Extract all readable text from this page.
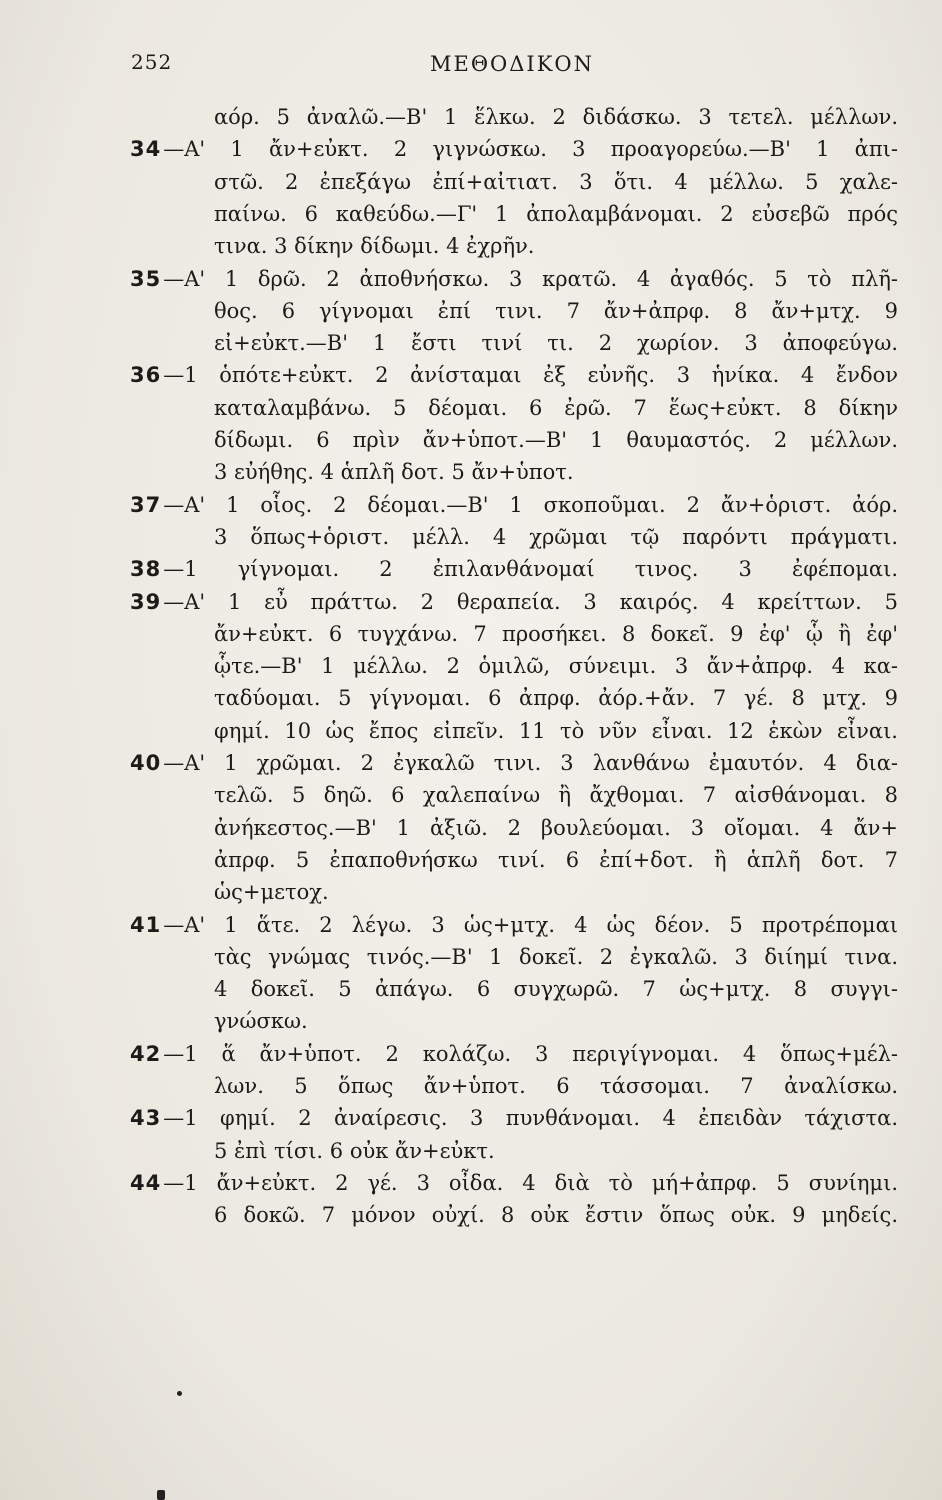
252	ΜΕΘΟΔΙΚΟΝ
αόρ. 5 ἀναλῶ.—Β' 1 ἕλκω. 2 διδάσκω. 3 τετελ. μέλλων.
34—Α' 1 ἄν+εὐκτ. 2 γιγνώσκω. 3 προαγορεύω.—Β' 1 ἀπι-
στῶ. 2 ἐπεξάγω ἐπί+αἰτιατ. 3 ὅτι. 4 μέλλω. 5 χαλε-
παίνω. 6 καθεύδω.—Γ' 1 ἀπολαμβάνομαι. 2 εὐσεβῶ πρός
τινα. 3 δίκην δίδωμι. 4 ἐχρῆν.
35—Α' 1 δρῶ. 2 ἀποθνήσκω. 3 κρατῶ. 4 ἀγαθός. 5 τὸ πλῆ-
θος. 6 γίγνομαι ἐπί τινι. 7 ἄν+ἀπρφ. 8 ἄν+μτχ. 9
εἰ+εὐκτ.—Β' 1 ἔστι τινί τι. 2 χωρίον. 3 ἀποφεύγω.
36—1 ὁπότε+εὐκτ. 2 ἀνίσταμαι ἐξ εὐνῆς. 3 ἡνίκα. 4 ἔνδον
καταλαμβάνω. 5 δέομαι. 6 ἐρῶ. 7 ἕως+εὐκτ. 8 δίκην
δίδωμι. 6 πρὶν ἄν+ὑποτ.—Β' 1 θαυμαστός. 2 μέλλων.
3 εὐήθης. 4 ἁπλῆ δοτ. 5 ἄν+ὑποτ.
37—Α' 1 οἷος. 2 δέομαι.—Β' 1 σκοποῦμαι. 2 ἄν+ὁριστ. ἀόρ.
3 ὅπως+ὁριστ. μέλλ. 4 χρῶμαι τῷ παρόντι πράγματι.
38—1 γίγνομαι. 2 ἐπιλανθάνομαί τινος. 3 ἐφέπομαι.
39—Α' 1 εὖ πράττω. 2 θεραπεία. 3 καιρός. 4 κρείττων. 5
ἄν+εὐκτ. 6 τυγχάνω. 7 προσήκει. 8 δοκεῖ. 9 ἐφ' ᾧ ἢ ἐφ'
ᾧτε.—Β' 1 μέλλω. 2 ὁμιλῶ, σύνειμι. 3 ἄν+ἀπρφ. 4 κα-
ταδύομαι. 5 γίγνομαι. 6 ἀπρφ. ἀόρ.+ἄν. 7 γέ. 8 μτχ. 9
φημί. 10 ὡς ἔπος εἰπεῖν. 11 τὸ νῦν εἶναι. 12 ἑκὼν εἶναι.
40—Α' 1 χρῶμαι. 2 ἐγκαλῶ τινι. 3 λανθάνω ἐμαυτόν. 4 δια-
τελῶ. 5 δηῶ. 6 χαλεπαίνω ἢ ἄχθομαι. 7 αἰσθάνομαι. 8
ἀνήκεστος.—Β' 1 ἀξιῶ. 2 βουλεύομαι. 3 οἴομαι. 4 ἄν+
ἀπρφ. 5 ἐπαποθνήσκω τινί. 6 ἐπί+δοτ. ἢ ἁπλῆ δοτ. 7
ὡς+μετοχ.
41—Α' 1 ἅτε. 2 λέγω. 3 ὡς+μτχ. 4 ὡς δέον. 5 προτρέπομαι
τὰς γνώμας τινός.—Β' 1 δοκεῖ. 2 ἐγκαλῶ. 3 διίημί τινα.
4 δοκεῖ. 5 ἀπάγω. 6 συγχωρῶ. 7 ὡς+μτχ. 8 συγγι-
γνώσκω.
42—1 ἅ ἄν+ὑποτ. 2 κολάζω. 3 περιγίγνομαι. 4 ὅπως+μέλ-
λων. 5 ὅπως ἄν+ὑποτ. 6 τάσσομαι. 7 ἀναλίσκω.
43—1 φημί. 2 ἀναίρεσις. 3 πυνθάνομαι. 4 ἐπειδὰν τάχιστα.
5 ἐπὶ τίσι. 6 οὐκ ἄν+εὐκτ.
44—1 ἄν+εὐκτ. 2 γέ. 3 οἶδα. 4 διὰ τὸ μή+ἀπρφ. 5 συνίημι.
6 δοκῶ. 7 μόνον οὐχί. 8 οὐκ ἔστιν ὅπως οὐκ. 9 μηδείς.
